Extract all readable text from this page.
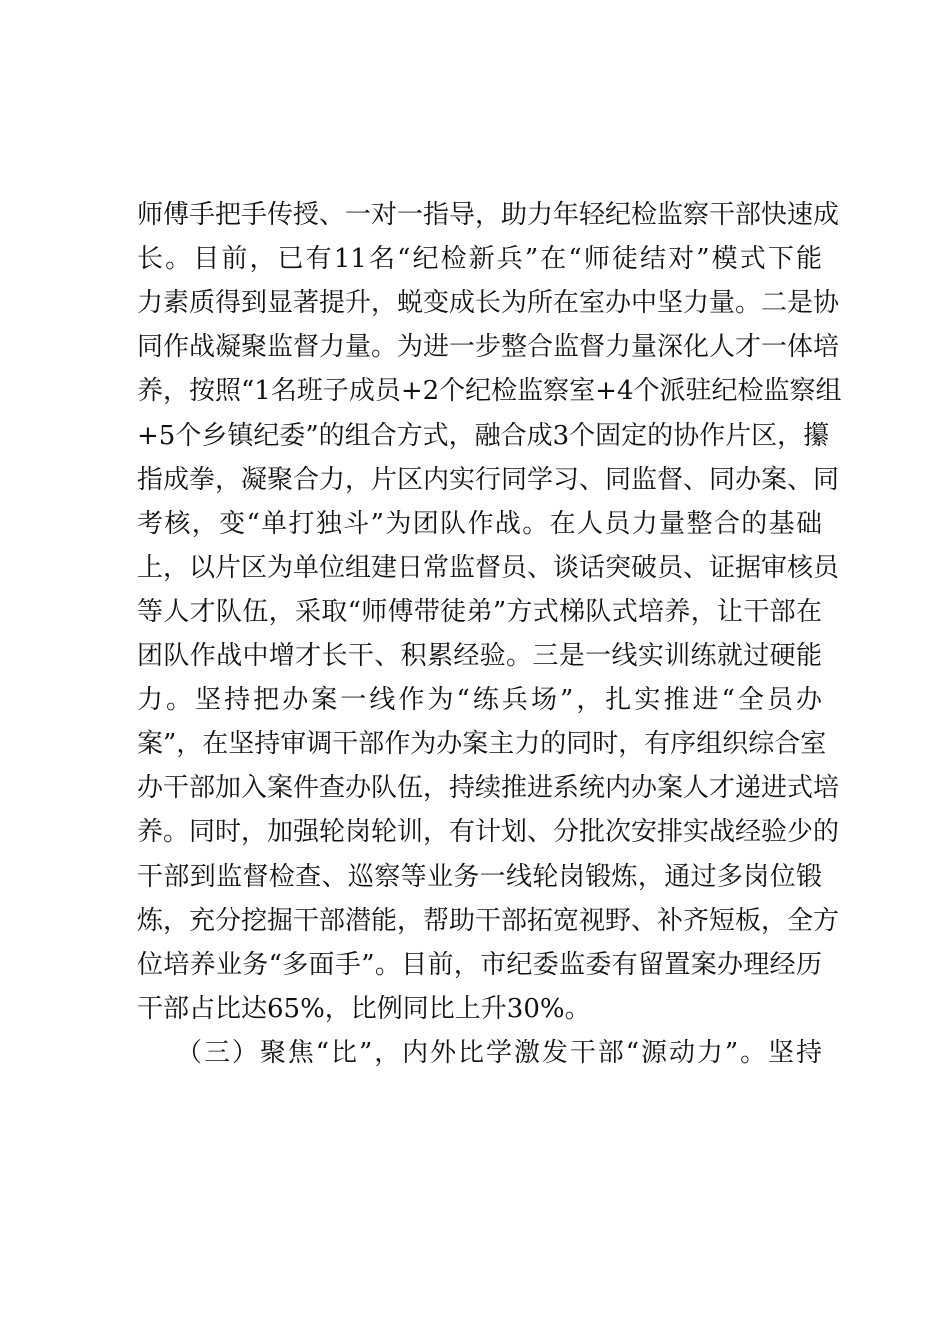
师傅手把手传授、一对一指导，助力年轻纪检监察干部快速成
长。目前，已有11名“纪检新兵”在“师徒结对”模式下能
力素质得到显著提升，蜕变成长为所在室办中坚力量。二是协
同作战凝聚监督力量。为进一步整合监督力量深化人才一体培
养，按照“1名班子成员+2个纪检监察室+4个派驻纪检监察组
+5个乡镇纪委”的组合方式，融合成3个固定的协作片区，攥
指成拳，凝聚合力，片区内实行同学习、同监督、同办案、同
考核，变“单打独斗”为团队作战。在人员力量整合的基础
上，以片区为单位组建日常监督员、谈话突破员、证据审核员
等人才队伍，采取“师傅带徒弟”方式梯队式培养，让干部在
团队作战中增才长干、积累经验。三是一线实训练就过硬能
力。坚持把办案一线作为“练兵场”，扎实推进“全员办
案”，在坚持审调干部作为办案主力的同时，有序组织综合室
办干部加入案件查办队伍，持续推进系统内办案人才递进式培
养。同时，加强轮岗轮训，有计划、分批次安排实战经验少的
干部到监督检查、巡察等业务一线轮岗锻炼，通过多岗位锻
炼，充分挖掘干部潜能，帮助干部拓宽视野、补齐短板，全方
位培养业务“多面手”。目前，市纪委监委有留置案办理经历
干部占比达65%，比例同比上升30%。
（三）聚焦“比”，内外比学激发干部“源动力”。坚持
